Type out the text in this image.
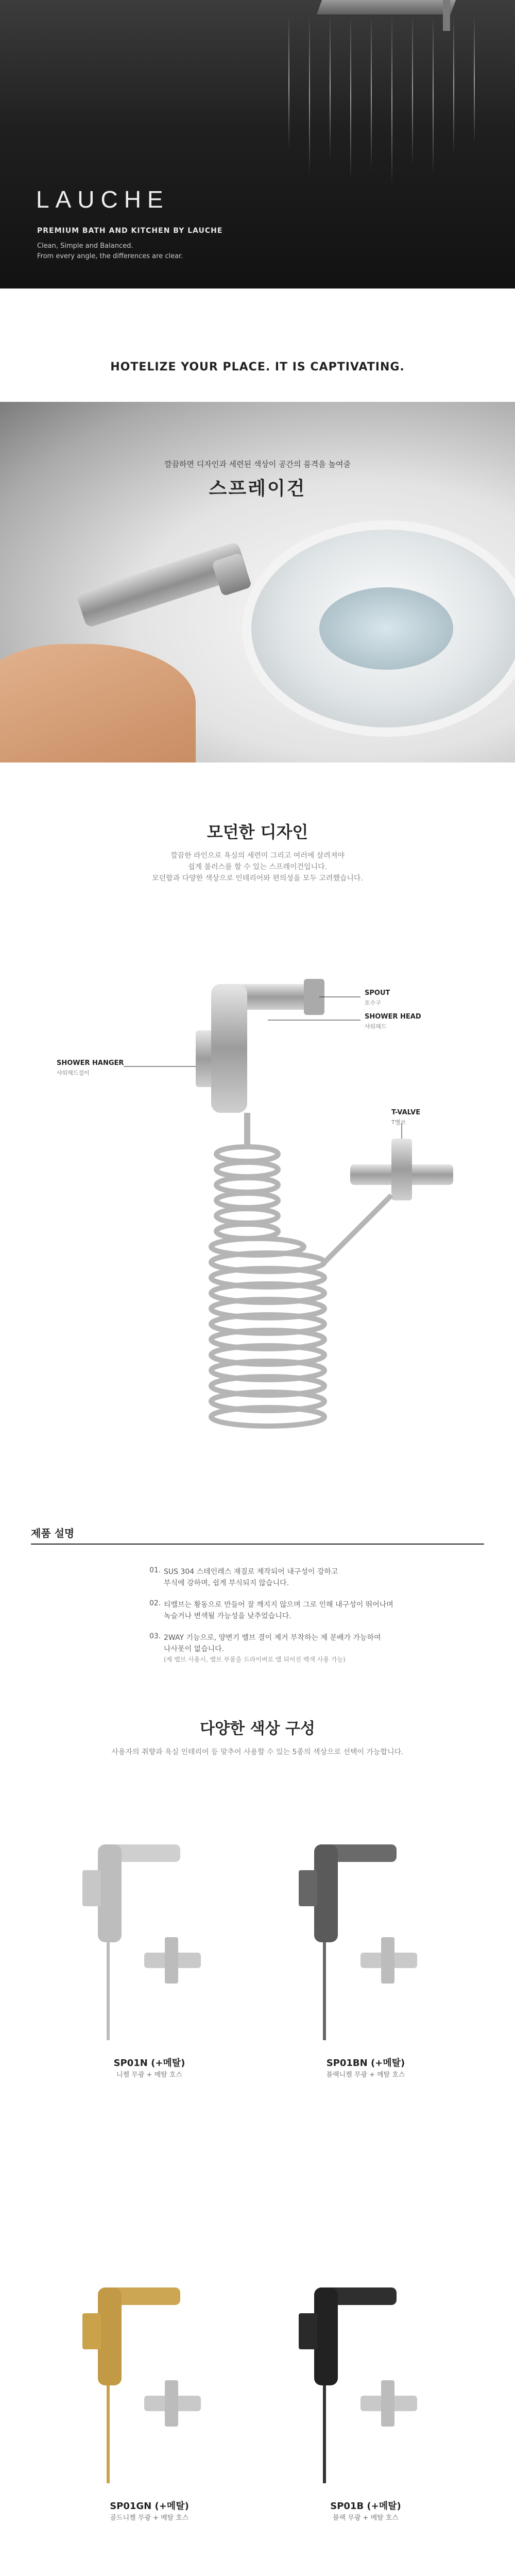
LAUCHE
PREMIUM BATH AND KITCHEN BY LAUCHE
Clean, Simple and Balanced.
From every angle, the differences are clear.
HOTELIZE YOUR PLACE. IT IS CAPTIVATING.
깔끔하면 디자인과 세련된 색상이 공간의 품격을 높여줄
스프레이건
모던한 디자인
깔끔한 라인으로 욕실의 세련미 그리고 여러에 살려져야
쉽게 불러스를 할 수 있는 스프레이건입니다.
모던함과 다양한 색상으로 인테리어와 편의성을 모두 고려했습니다.
SPOUT
토수구
SHOWER HEAD
샤워헤드
T-VALVE
T밸브
SHOWER HANGER
샤워헤드걸이
제품 설명
01. SUS 304 스테인레스 재질로 제작되어 내구성이 강하고
부식에 강하며, 쉽게 부식되지 않습니다.
02. 티밸브는 황동으로 만들어 잘 깨지지 않으며 그로 인해 내구성이 뛰어나며
녹슬거나 변색될 가능성을 낮추었습니다.
03. 2WAY 기능으로, 양변기 밸브 결이 제거 부착하는 제 분배가 가능하여
나사못이 없습니다.
(제 밸브 사용시, 밸브 부품을 드라이버로 밸 되어진 백색 사용 가능)
다양한 색상 구성
사용자의 취향과 욕실 인테리어 등 맞추어 사용할 수 있는 5종의 색상으로 선택이 가능합니다.
SP01N (+메탈)
니켈 무광 + 메탈 호스
SP01BN (+메탈)
블랙니켈 무광 + 메탈 호스
SP01GN (+메탈)
골드니켈 무광 + 메탈 호스
SP01B (+메탈)
블랙 무광 + 메탈 호스
